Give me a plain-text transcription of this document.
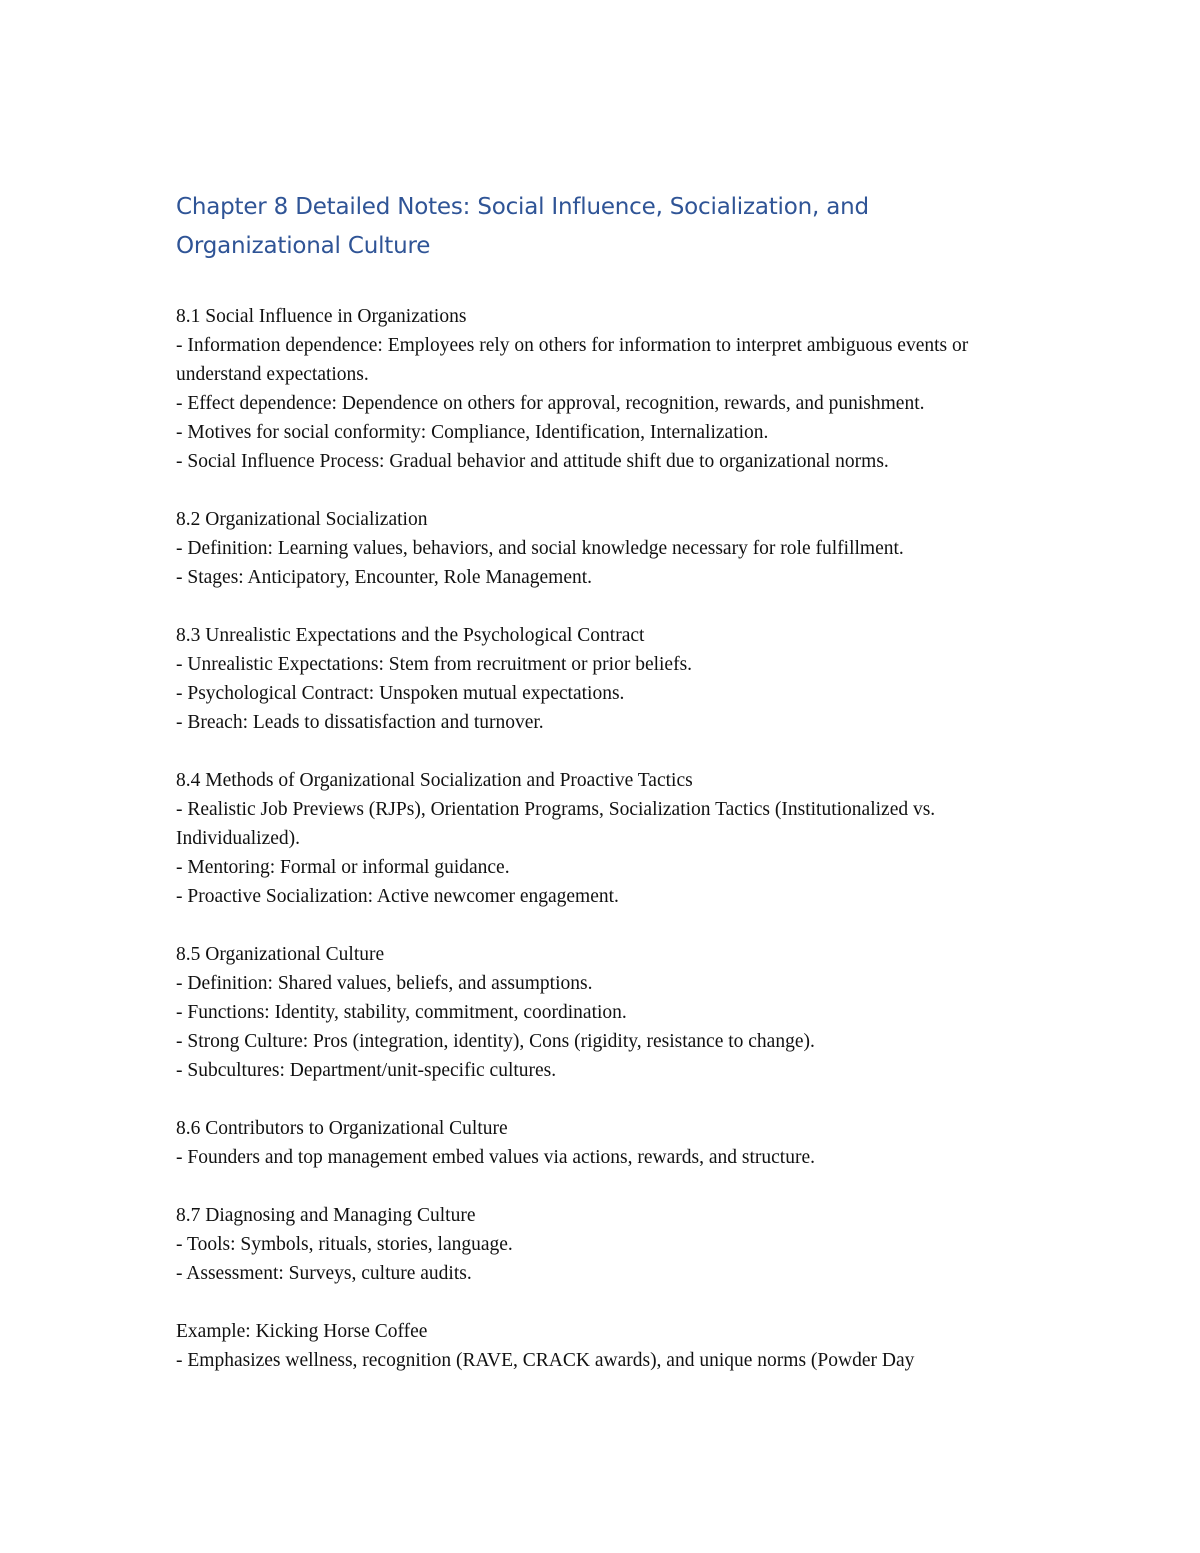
Chapter 8 Detailed Notes: Social Influence, Socialization, and Organizational Culture

8.1 Social Influence in Organizations

- Information dependence: Employees rely on others for information to interpret ambiguous events or understand expectations.

- Effect dependence: Dependence on others for approval, recognition, rewards, and punishment.

- Motives for social conformity: Compliance, Identification, Internalization.

- Social Influence Process: Gradual behavior and attitude shift due to organizational norms.

8.2 Organizational Socialization

- Definition: Learning values, behaviors, and social knowledge necessary for role fulfillment.

- Stages: Anticipatory, Encounter, Role Management.

8.3 Unrealistic Expectations and the Psychological Contract

- Unrealistic Expectations: Stem from recruitment or prior beliefs.

- Psychological Contract: Unspoken mutual expectations.

- Breach: Leads to dissatisfaction and turnover.

8.4 Methods of Organizational Socialization and Proactive Tactics

- Realistic Job Previews (RJPs), Orientation Programs, Socialization Tactics (Institutionalized vs. Individualized).

- Mentoring: Formal or informal guidance.

- Proactive Socialization: Active newcomer engagement.

8.5 Organizational Culture

- Definition: Shared values, beliefs, and assumptions.

- Functions: Identity, stability, commitment, coordination.

- Strong Culture: Pros (integration, identity), Cons (rigidity, resistance to change).

- Subcultures: Department/unit-specific cultures.

8.6 Contributors to Organizational Culture

- Founders and top management embed values via actions, rewards, and structure.

8.7 Diagnosing and Managing Culture

- Tools: Symbols, rituals, stories, language.

- Assessment: Surveys, culture audits.

Example: Kicking Horse Coffee

- Emphasizes wellness, recognition (RAVE, CRACK awards), and unique norms (Powder Day
